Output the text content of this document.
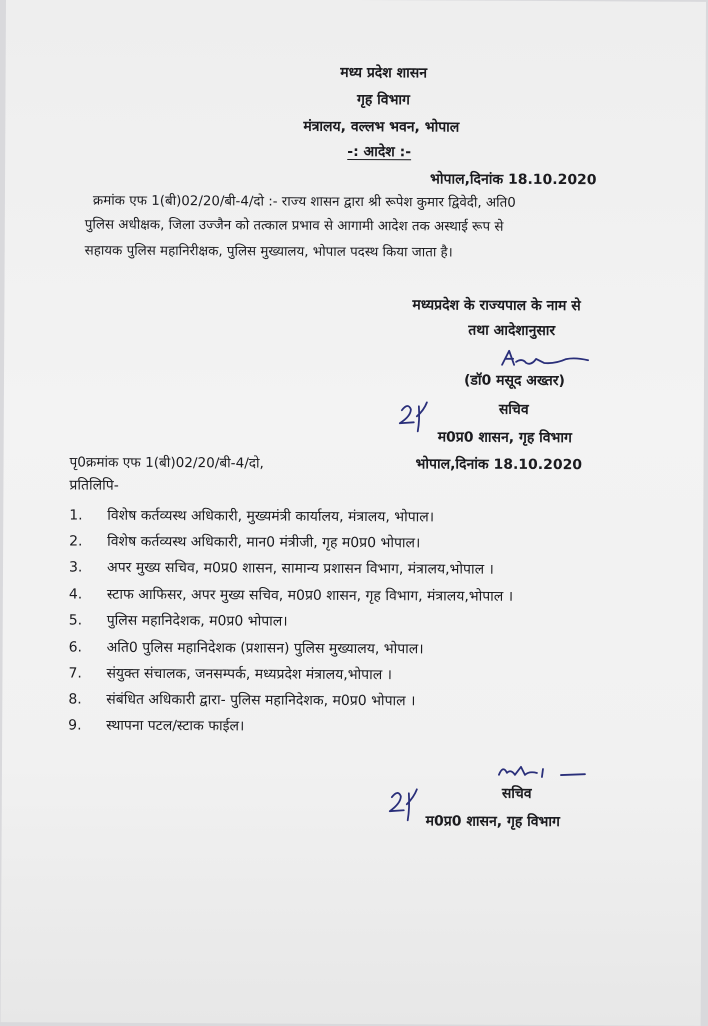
मध्य प्रदेश शासन
गृह विभाग
मंत्रालय, वल्लभ भवन, भोपाल
-: आदेश :-
भोपाल,दिनांक 18.10.2020
क्रमांक एफ 1(बी)02/20/बी-4/दो :- राज्य शासन द्वारा श्री रूपेश कुमार द्विवेदी, अति0
पुलिस अधीक्षक, जिला उज्जैन को तत्काल प्रभाव से आगामी आदेश तक अस्थाई रूप से
सहायक पुलिस महानिरीक्षक, पुलिस मुख्यालय, भोपाल पदस्थ किया जाता है।
मध्यप्रदेश के राज्यपाल के नाम से
तथा आदेशानुसार
(डॉ0 मसूद अख्तर)
सचिव
म0प्र0 शासन, गृह विभाग
पृ0क्रमांक एफ 1(बी)02/20/बी-4/दो,	भोपाल,दिनांक 18.10.2020
प्रतिलिपि-
1. विशेष कर्तव्यस्थ अधिकारी, मुख्यमंत्री कार्यालय, मंत्रालय, भोपाल।
2. विशेष कर्तव्यस्थ अधिकारी, मान0 मंत्रीजी, गृह म0प्र0 भोपाल।
3. अपर मुख्य सचिव, म0प्र0 शासन, सामान्य प्रशासन विभाग, मंत्रालय,भोपाल ।
4. स्टाफ आफिसर, अपर मुख्य सचिव, म0प्र0 शासन, गृह विभाग, मंत्रालय,भोपाल ।
5. पुलिस महानिदेशक, म0प्र0 भोपाल।
6. अति0 पुलिस महानिदेशक (प्रशासन) पुलिस मुख्यालय, भोपाल।
7. संयुक्त संचालक, जनसम्पर्क, मध्यप्रदेश मंत्रालय,भोपाल ।
8. संबंधित अधिकारी द्वारा- पुलिस महानिदेशक, म0प्र0 भोपाल ।
9. स्थापना पटल/स्टाक फाईल।
सचिव
म0प्र0 शासन, गृह विभाग
